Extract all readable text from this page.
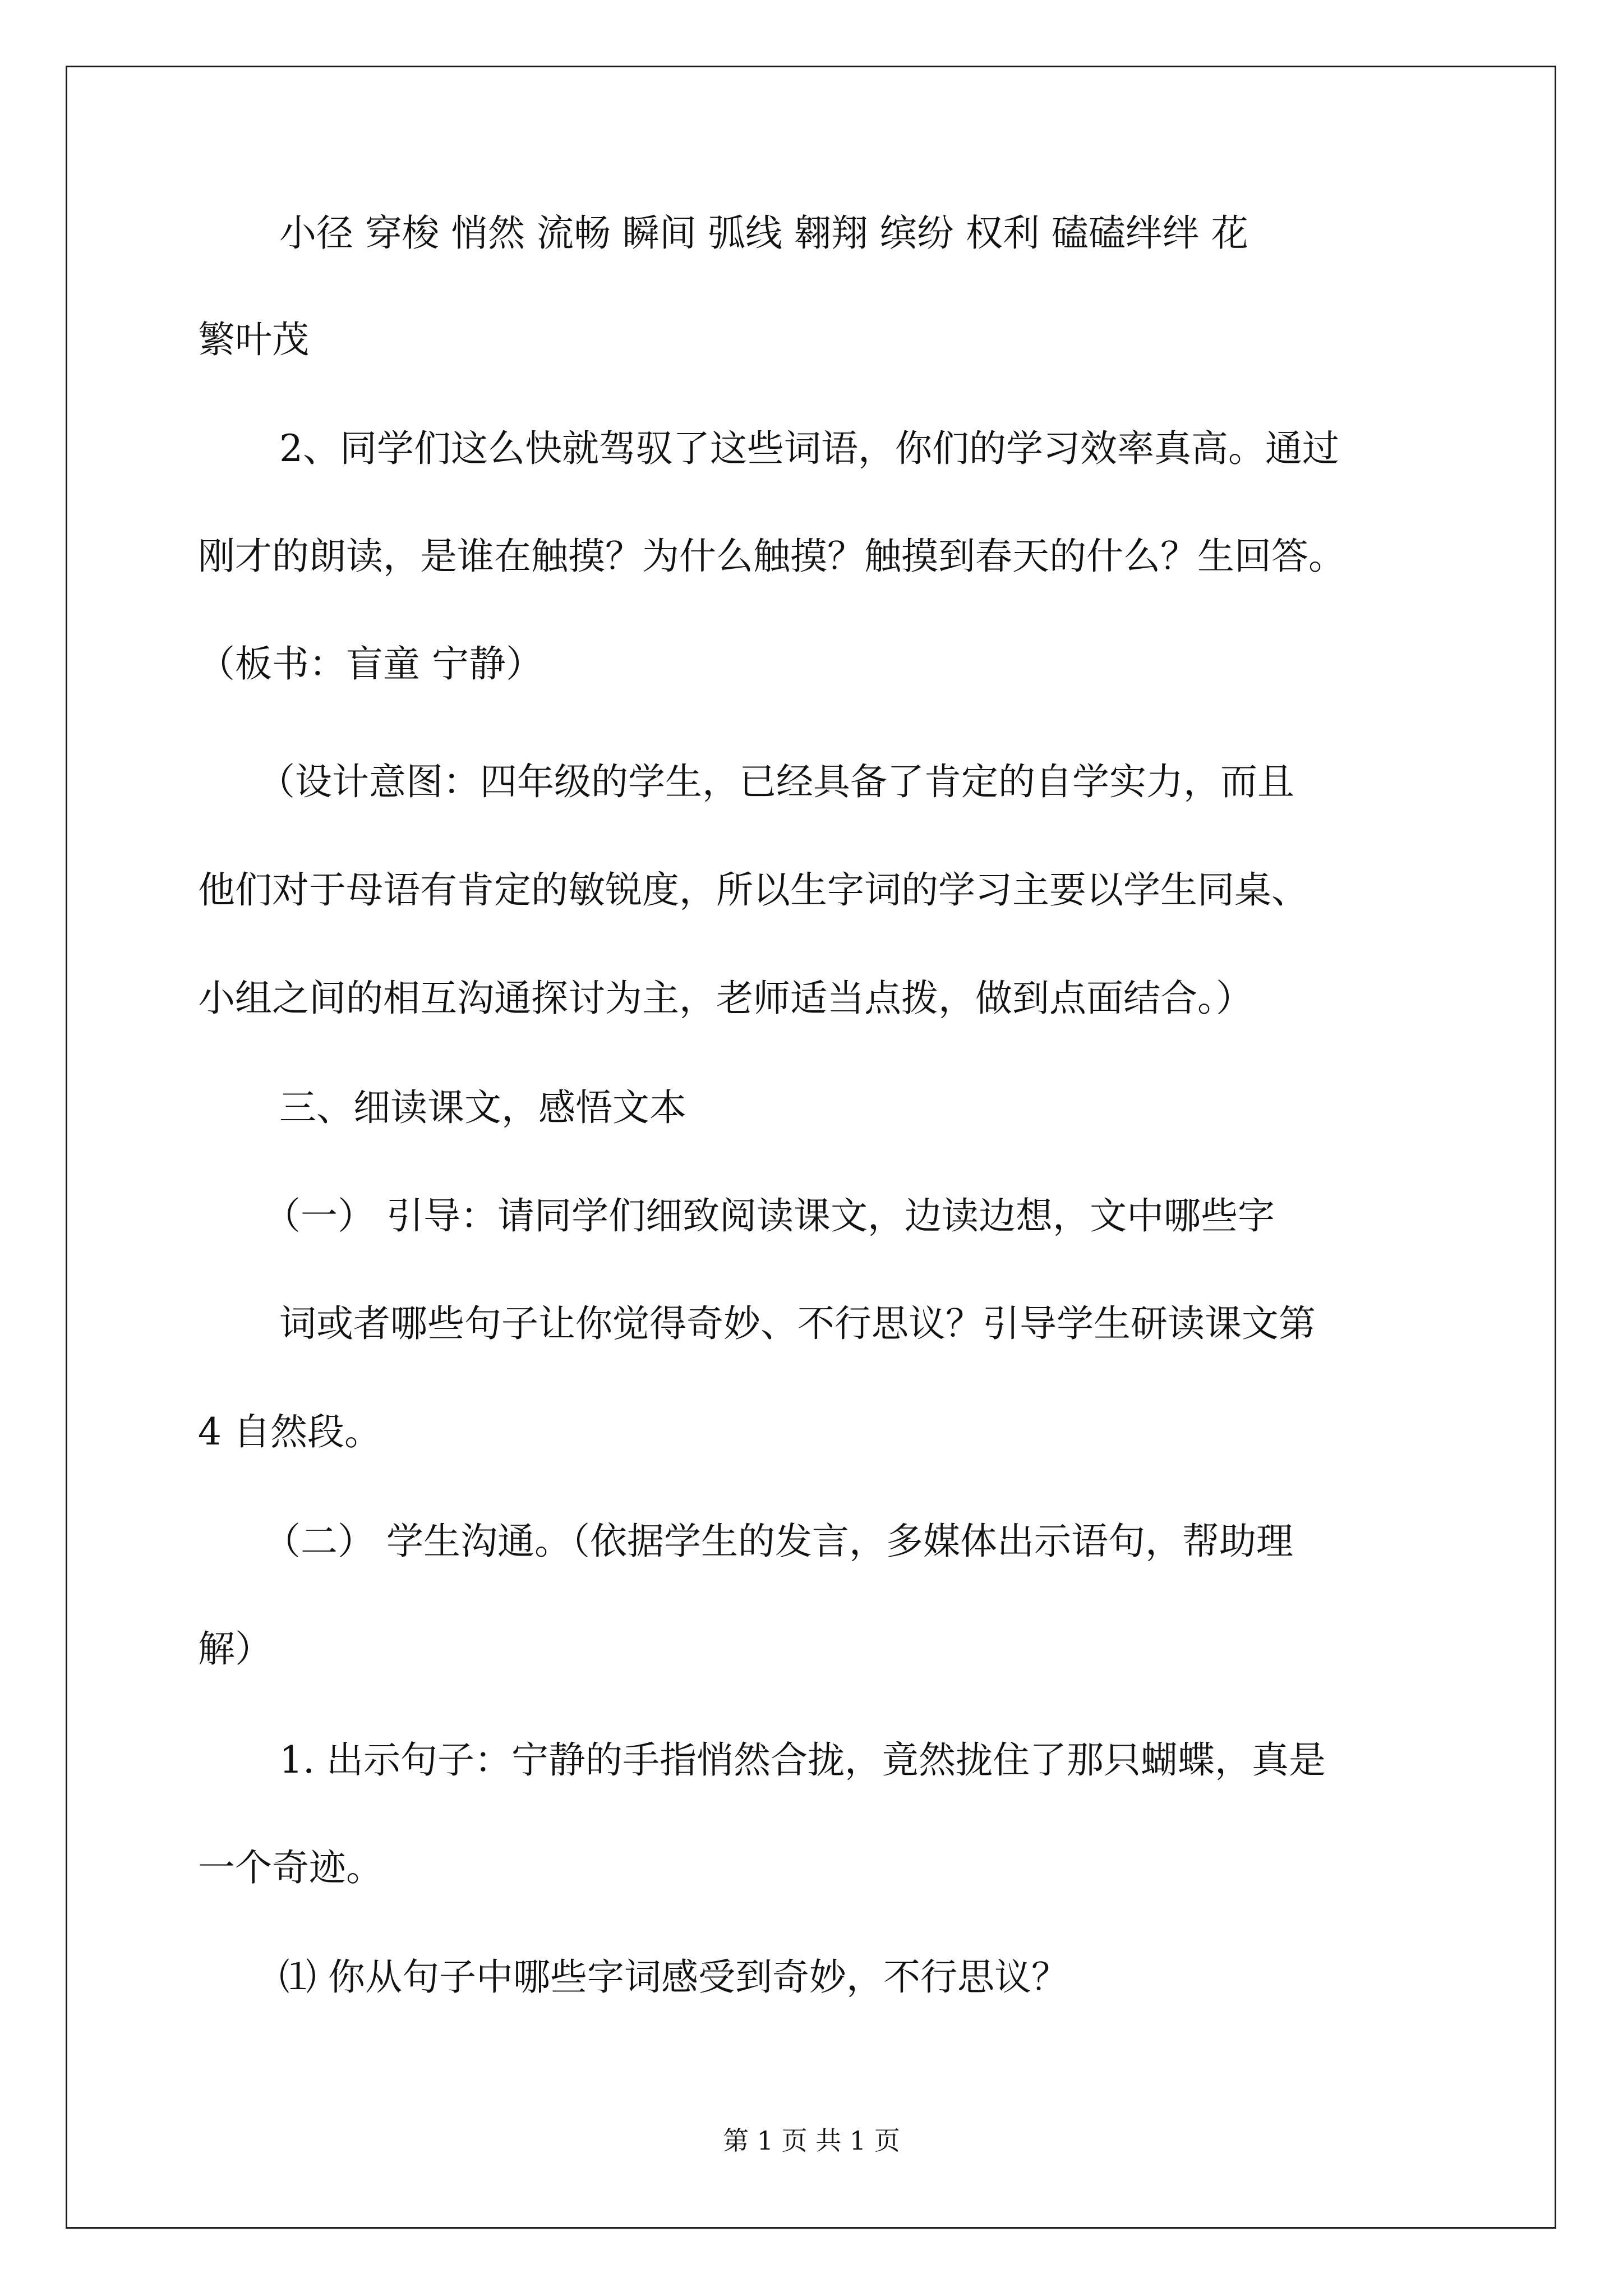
小径 穿梭 悄然 流畅 瞬间 弧线 翱翔 缤纷 权利 磕磕绊绊 花
繁叶茂
2、同学们这么快就驾驭了这些词语，你们的学习效率真高。通过
刚才的朗读，是谁在触摸？为什么触摸？触摸到春天的什么？生回答。
（板书：盲童 宁静）
（设计意图：四年级的学生，已经具备了肯定的自学实力，而且
他们对于母语有肯定的敏锐度，所以生字词的学习主要以学生同桌、
小组之间的相互沟通探讨为主，老师适当点拨，做到点面结合。）
三、细读课文，感悟文本
（一） 引导：请同学们细致阅读课文，边读边想，文中哪些字
词或者哪些句子让你觉得奇妙、不行思议？引导学生研读课文第
4 自然段。
（二） 学生沟通。（依据学生的发言，多媒体出示语句，帮助理
解）
1. 出示句子：宁静的手指悄然合拢，竟然拢住了那只蝴蝶，真是
一个奇迹。
⑴ 你从句子中哪些字词感受到奇妙，不行思议？
第 1 页 共 1 页
